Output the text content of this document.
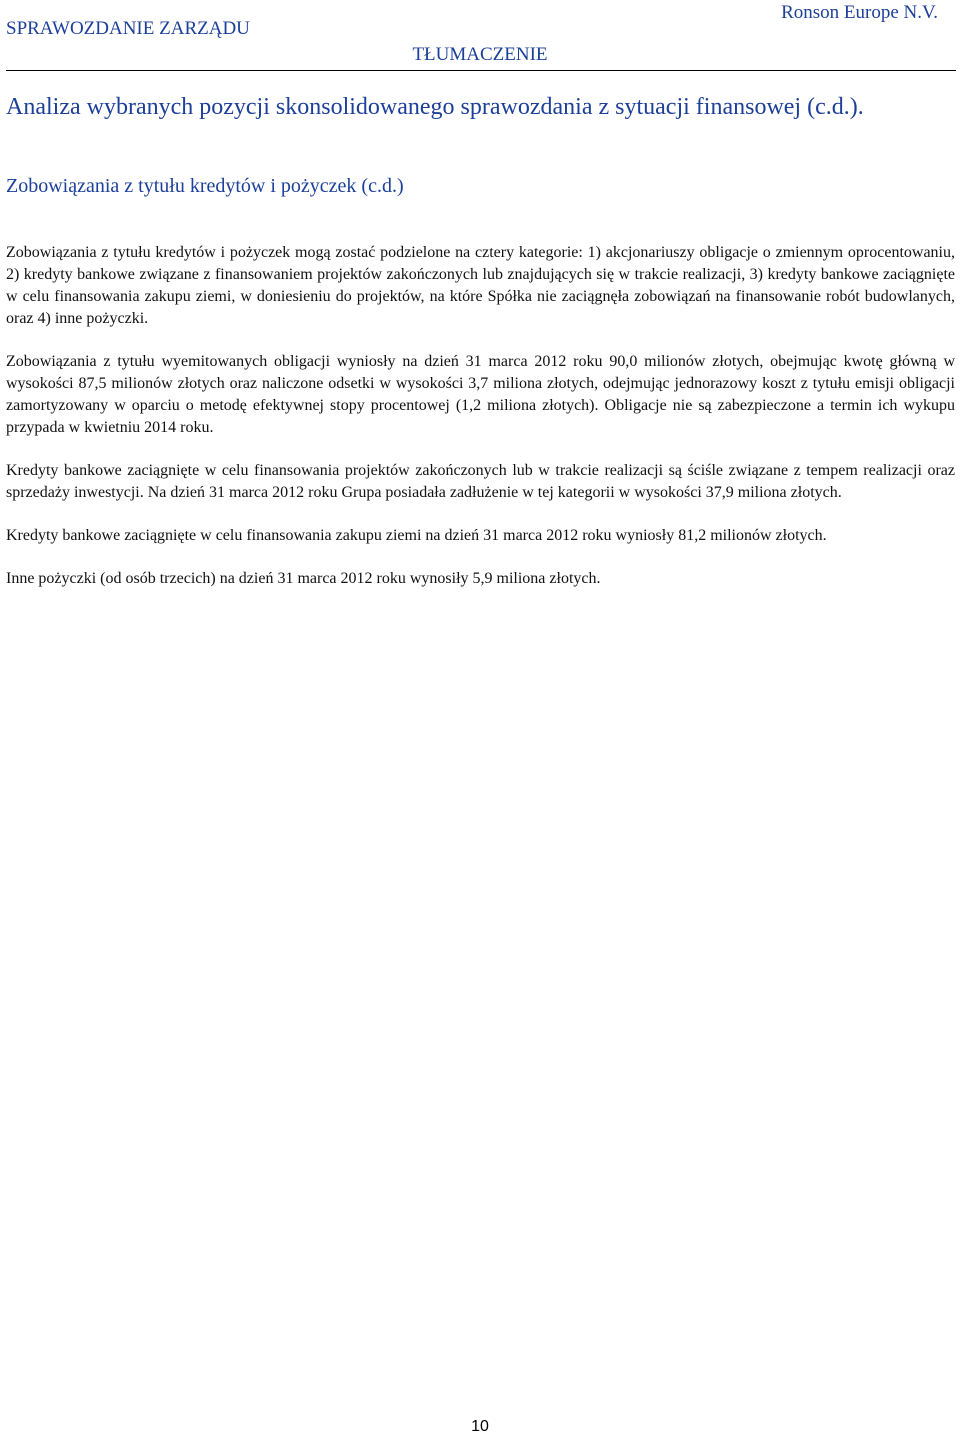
SPRAWOZDANIE ZARZĄDU
Ronson Europe N.V.
TŁUMACZENIE
Analiza wybranych pozycji skonsolidowanego sprawozdania z sytuacji finansowej (c.d.).
Zobowiązania z tytułu kredytów i pożyczek (c.d.)

Zobowiązania z tytułu kredytów i pożyczek mogą zostać podzielone na cztery kategorie: 1) akcjonariuszy obligacje o zmiennym oprocentowaniu, 2) kredyty bankowe związane z finansowaniem projektów zakończonych lub znajdujących się w trakcie realizacji, 3) kredyty bankowe zaciągnięte w celu finansowania zakupu ziemi, w doniesieniu do projektów, na które Spółka nie zaciągnęła zobowiązań na finansowanie robót budowlanych, oraz 4) inne pożyczki.

Zobowiązania z tytułu wyemitowanych obligacji wyniosły na dzień 31 marca 2012 roku 90,0 milionów złotych, obejmując kwotę główną w wysokości 87,5 milionów złotych oraz naliczone odsetki w wysokości 3,7 miliona złotych, odejmując jednorazowy koszt z tytułu emisji obligacji zamortyzowany w oparciu o metodę efektywnej stopy procentowej (1,2 miliona złotych). Obligacje nie są zabezpieczone a termin ich wykupu przypada w kwietniu 2014 roku.

Kredyty bankowe zaciągnięte w celu finansowania projektów zakończonych lub w trakcie realizacji są ściśle związane z tempem realizacji oraz sprzedaży inwestycji. Na dzień 31 marca 2012 roku Grupa posiadała zadłużenie w tej kategorii w wysokości 37,9 miliona złotych.

Kredyty bankowe zaciągnięte w celu finansowania zakupu ziemi na dzień 31 marca 2012 roku wyniosły 81,2 milionów złotych.

Inne pożyczki (od osób trzecich) na dzień 31 marca 2012 roku wynosiły 5,9 miliona złotych.

10
